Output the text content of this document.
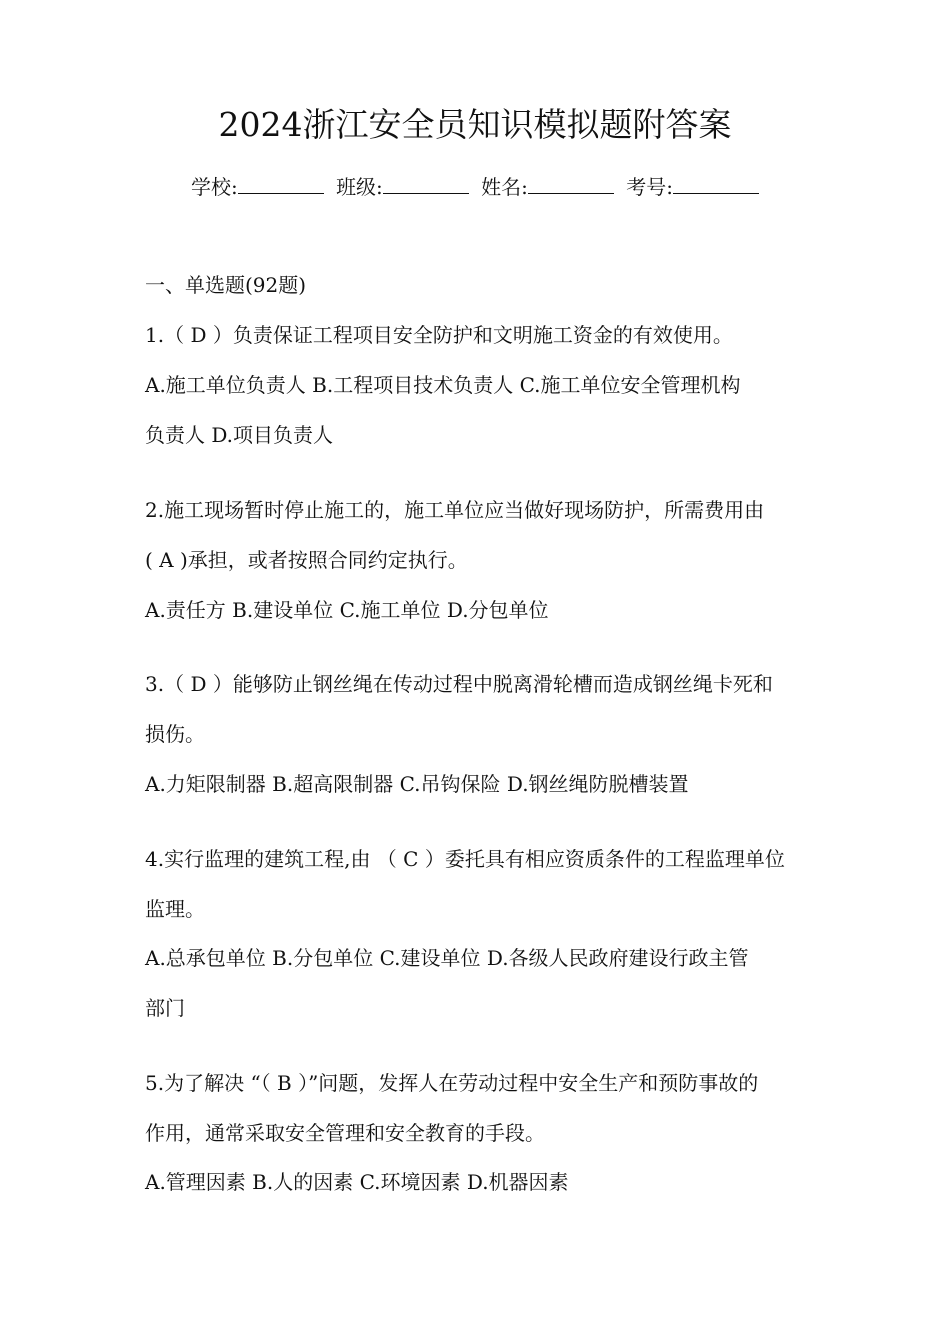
2024浙江安全员知识模拟题附答案
学校:	班级:	姓名:	考号:
一、单选题(92题)
1.（ D ）负责保证工程项目安全防护和文明施工资金的有效使用。
A.施工单位负责人 B.工程项目技术负责人 C.施工单位安全管理机构
负责人 D.项目负责人
2.施工现场暂时停止施工的，施工单位应当做好现场防护，所需费用由
( A )承担，或者按照合同约定执行。
A.责任方 B.建设单位 C.施工单位 D.分包单位
3.（ D ）能够防止钢丝绳在传动过程中脱离滑轮槽而造成钢丝绳卡死和
损伤。
A.力矩限制器 B.超高限制器 C.吊钩保险 D.钢丝绳防脱槽装置
4.实行监理的建筑工程,由 （ C ）委托具有相应资质条件的工程监理单位
监理。
A.总承包单位 B.分包单位 C.建设单位 D.各级人民政府建设行政主管
部门
5.为了解决 “（ B ）”问题，发挥人在劳动过程中安全生产和预防事故的
作用，通常采取安全管理和安全教育的手段。
A.管理因素 B.人的因素 C.环境因素 D.机器因素
